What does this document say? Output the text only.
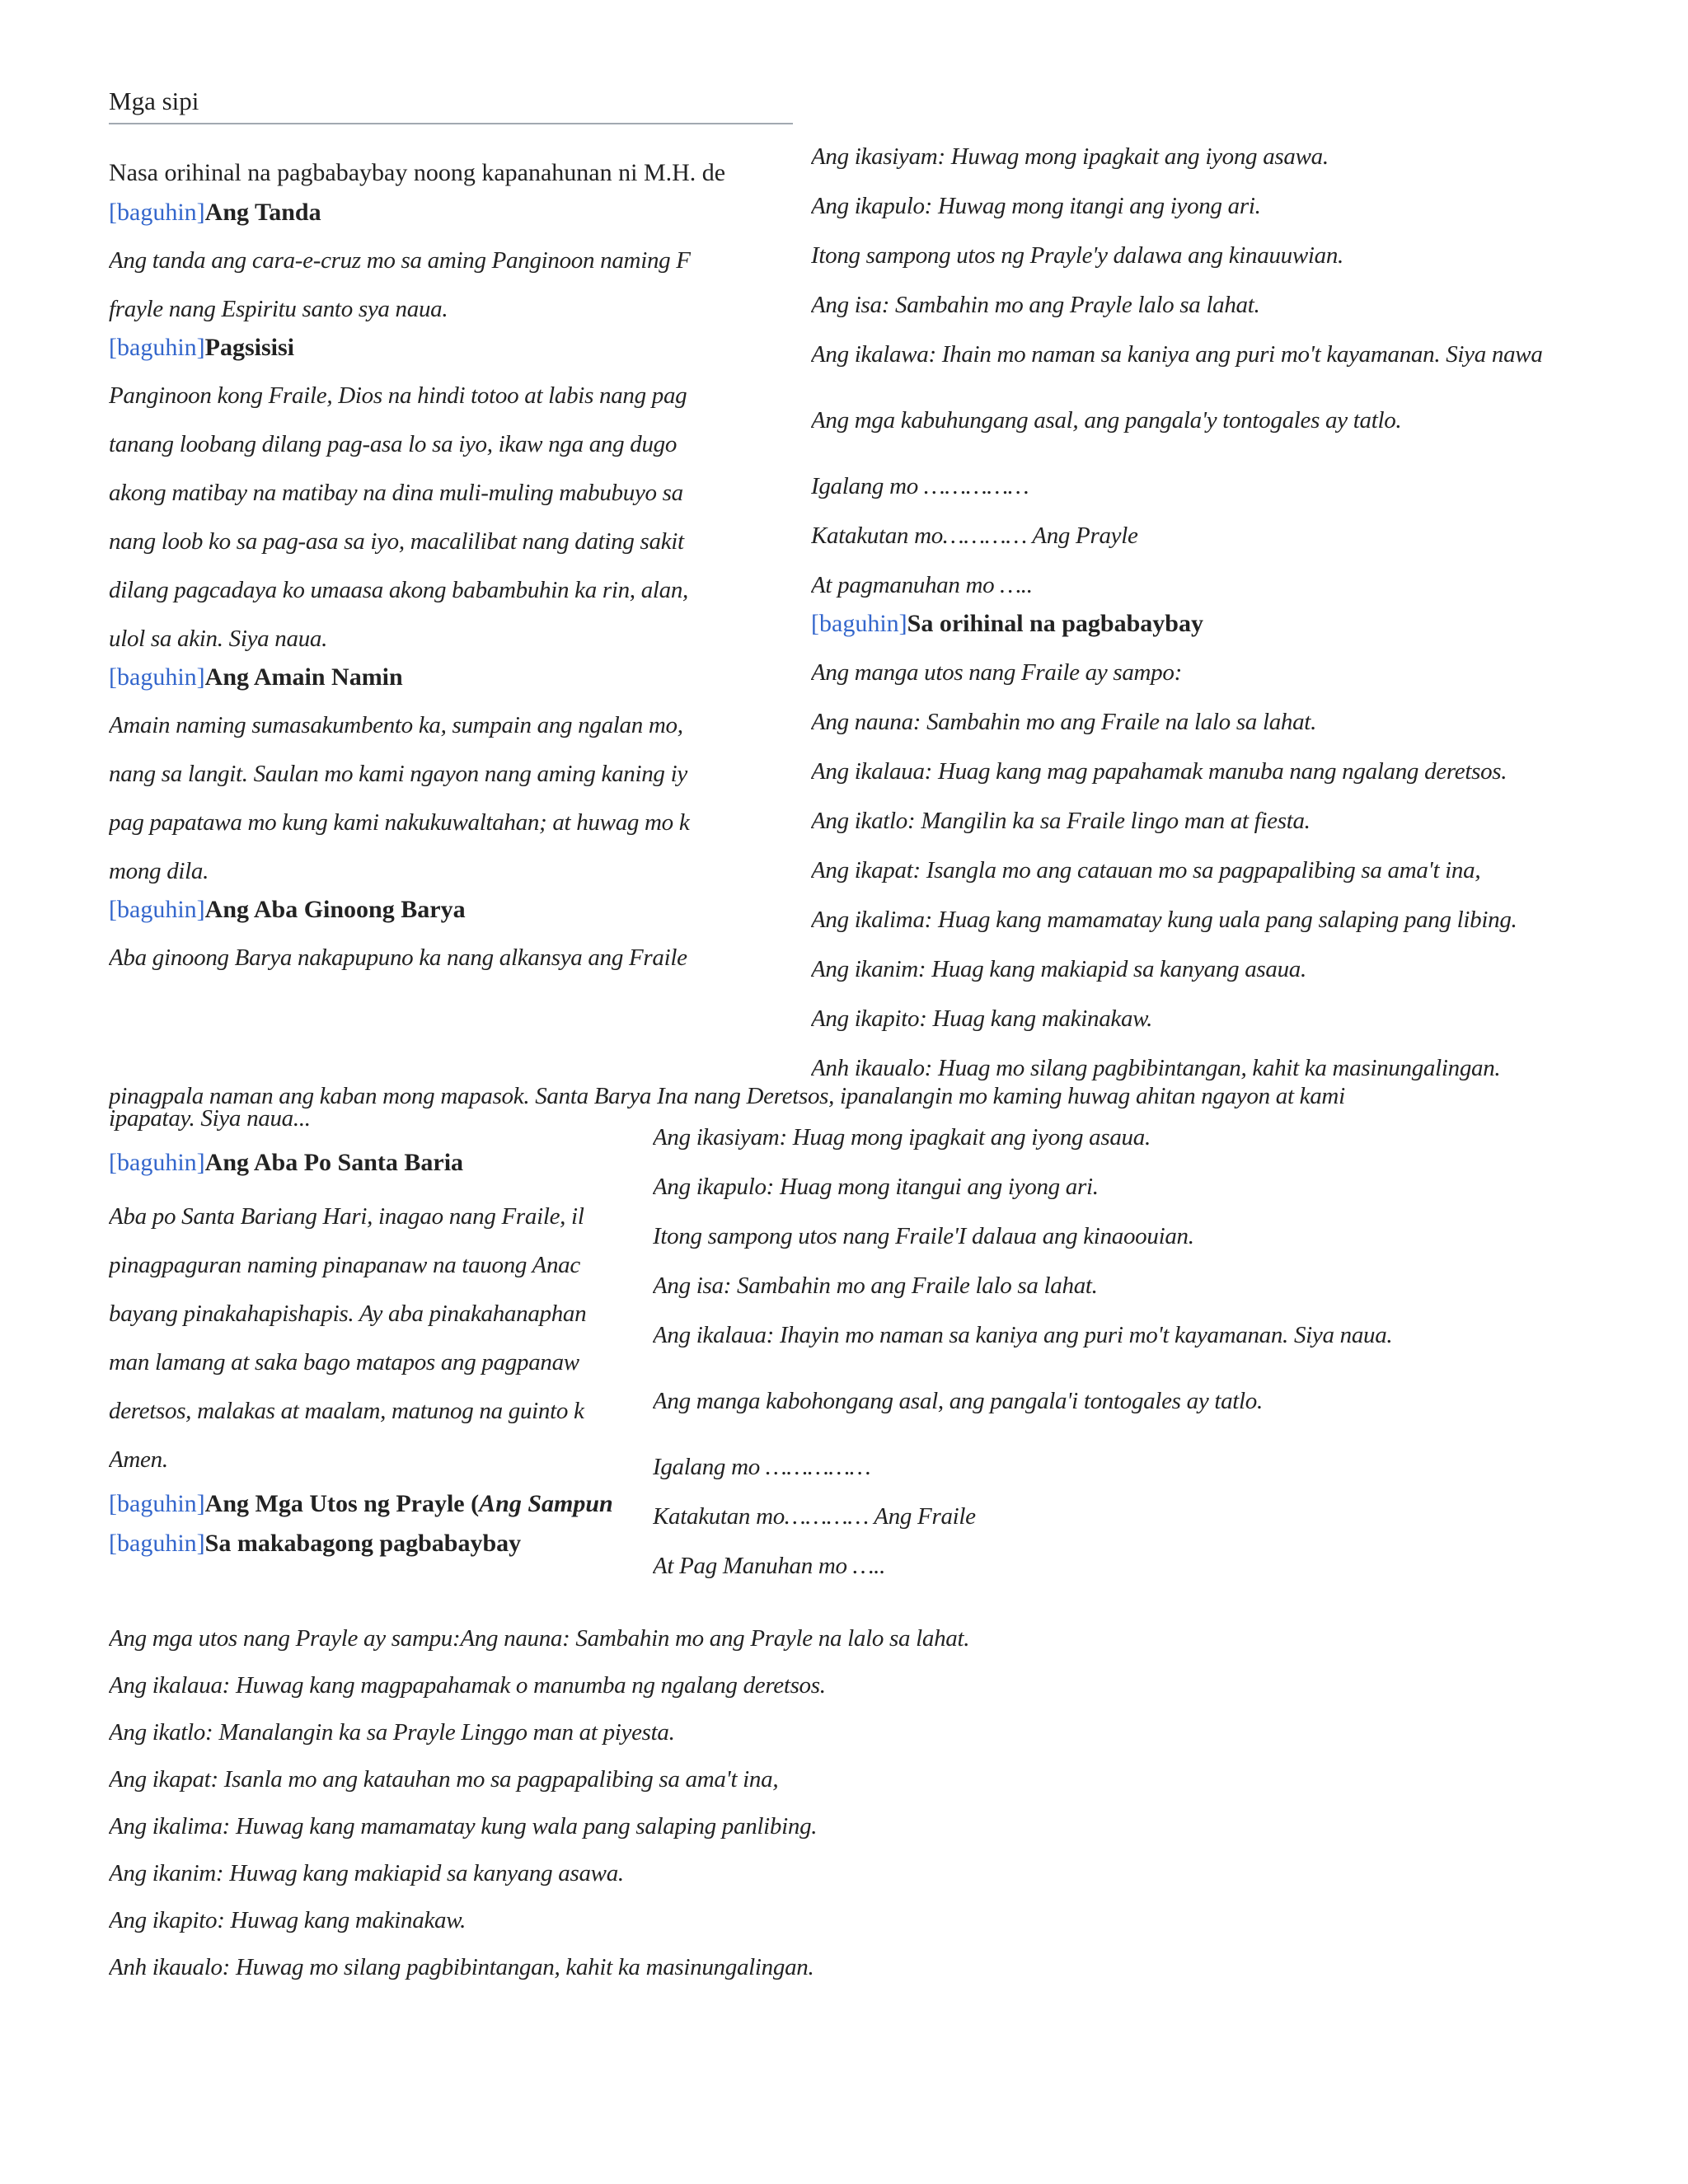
Mga sipi

Nasa orihinal na pagbabaybay noong kapanahunan ni M.H. de

[baguhin]Ang Tanda

Ang tanda ang cara-e-cruz mo sa aming Panginoon naming F

frayle nang Espiritu santo sya naua.

[baguhin]Pagsisisi

Panginoon kong Fraile, Dios na hindi totoo at labis nang pag

tanang loobang dilang pag-asa lo sa iyo, ikaw nga ang dugo

akong matibay na matibay na dina muli-muling mabubuyo sa

nang loob ko sa pag-asa sa iyo, macalilibat nang dating sakit

dilang pagcadaya ko umaasa akong babambuhin ka rin, alan,

ulol sa akin. Siya naua.

[baguhin]Ang Amain Namin

Amain naming sumasakumbento ka, sumpain ang ngalan mo,

nang sa langit. Saulan mo kami ngayon nang aming kaning iy

pag papatawa mo kung kami nakukuwaltahan; at huwag mo k

mong dila.

[baguhin]Ang Aba Ginoong Barya

Aba ginoong Barya nakapupuno ka nang alkansya ang Fraile

Ang ikasiyam: Huwag mong ipagkait ang iyong asawa.

Ang ikapulo: Huwag mong itangi ang iyong ari.

Itong sampong utos ng Prayle'y dalawa ang kinauuwian.

Ang isa: Sambahin mo ang Prayle lalo sa lahat.

Ang ikalawa: Ihain mo naman sa kaniya ang puri mo't kayamanan. Siya nawa

Ang mga kabuhungang asal, ang pangala'y tontogales ay tatlo.

Igalang mo ……………

Katakutan mo………… Ang Prayle

At pagmanuhan mo …..

[baguhin]Sa orihinal na pagbabaybay

Ang manga utos nang Fraile ay sampo:

Ang nauna: Sambahin mo ang Fraile na lalo sa lahat.

Ang ikalaua: Huag kang mag papahamak manuba nang ngalang deretsos.

Ang ikatlo: Mangilin ka sa Fraile lingo man at fiesta.

Ang ikapat: Isangla mo ang catauan mo sa pagpapalibing sa ama't ina,

Ang ikalima: Huag kang mamamatay kung uala pang salaping pang libing.

Ang ikanim: Huag kang makiapid sa kanyang asaua.

Ang ikapito: Huag kang makinakaw.

Anh ikaualo: Huag mo silang pagbibintangan, kahit ka masinungalingan.

ipapatay. Siya naua...

[baguhin]Ang Aba Po Santa Baria

Aba po Santa Bariang Hari, inagao nang Fraile, il

pinagpaguran naming pinapanaw na tauong Anac

bayang pinakahapishapis. Ay aba pinakahanaphan

man lamang at saka bago matapos ang pagpanaw

deretsos, malakas at maalam, matunog na guinto k

Amen.

[baguhin]Ang Mga Utos ng Prayle (Ang Sampun

[baguhin]Sa makabagong pagbabaybay

Ang ikasiyam: Huag mong ipagkait ang iyong asaua.

Ang ikapulo: Huag mong itangui ang iyong ari.

Itong sampong utos nang Fraile'I dalaua ang kinaoouian.

Ang isa: Sambahin mo ang Fraile lalo sa lahat.

Ang ikalaua: Ihayin mo naman sa kaniya ang puri mo't kayamanan. Siya naua.

Ang manga kabohongang asal, ang pangala'i tontogales ay tatlo.

Igalang mo ……………

Katakutan mo………… Ang Fraile

At Pag Manuhan mo …..

Ang mga utos nang Prayle ay sampu:Ang nauna: Sambahin mo ang Prayle na lalo sa lahat.

Ang ikalaua: Huwag kang magpapahamak o manumba ng ngalang deretsos.

Ang ikatlo: Manalangin ka sa Prayle Linggo man at piyesta.

Ang ikapat: Isanla mo ang katauhan mo sa pagpapalibing sa ama't ina,

Ang ikalima: Huwag kang mamamatay kung wala pang salaping panlibing.

Ang ikanim: Huwag kang makiapid sa kanyang asawa.

Ang ikapito: Huwag kang makinakaw.

Anh ikaualo: Huwag mo silang pagbibintangan, kahit ka masinungalingan.

pinagpala naman ang kaban mong mapasok. Santa Barya Ina nang Deretsos, ipanalangin mo kaming huwag ahitan ngayon at kami
